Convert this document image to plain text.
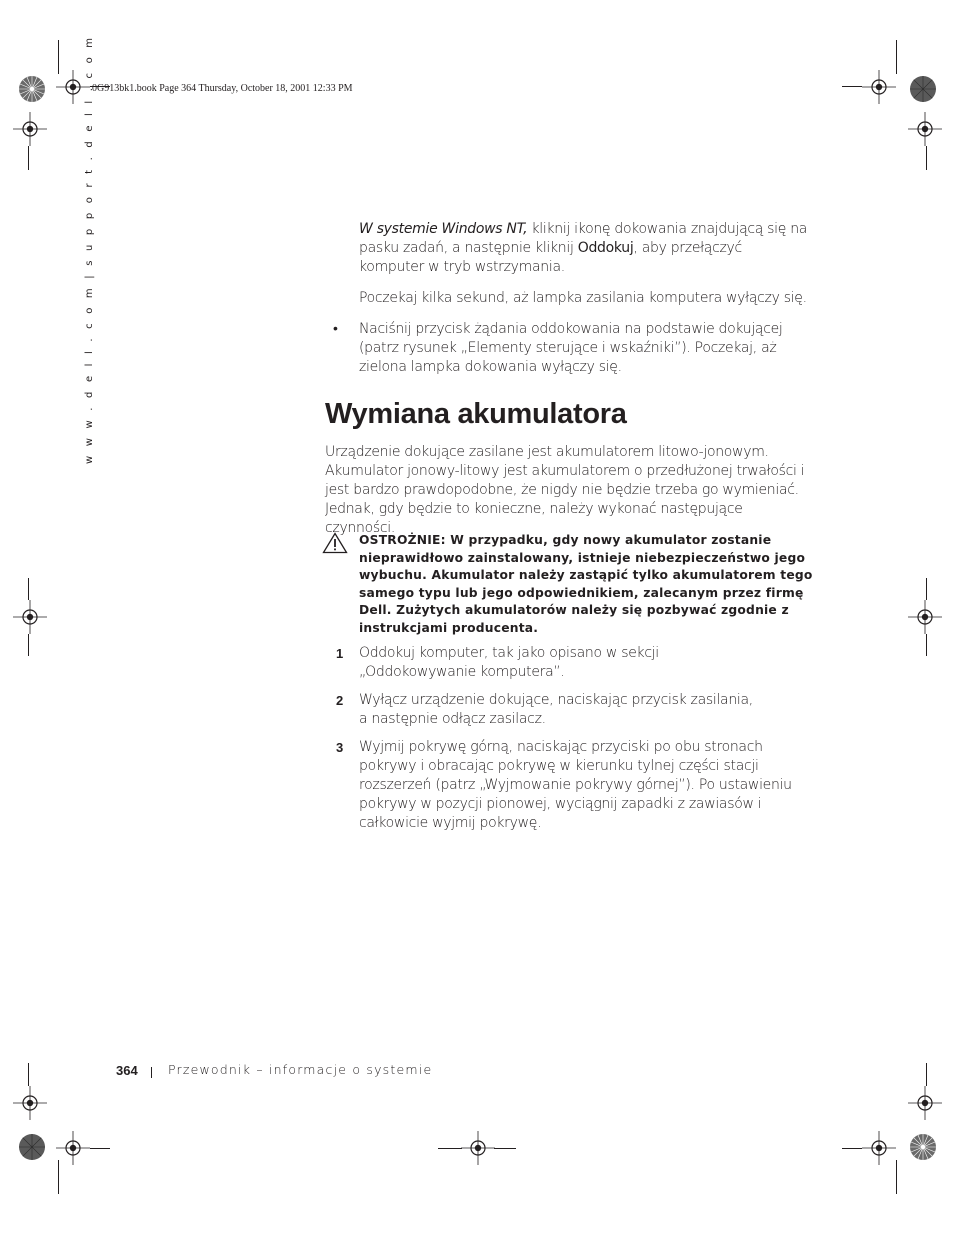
0G913bk1.book Page 364 Thursday, October 18, 2001 12:33 PM
w w w . d e l l . c o m | s u p p o r t . d e l l . c o m	W systemie Windows NT, kliknij ikonę dokowania znajdującą się na pasku zadań, a następnie kliknij Oddokuj, aby przełączyć komputer w tryb wstrzymania.
Poczekaj kilka sekund, aż lampka zasilania komputera wyłączy się.
• Naciśnij przycisk żądania oddokowania na podstawie dokującej (patrz rysunek „Elementy sterujące i wskaźniki”). Poczekaj, aż zielona lampka dokowania wyłączy się.
Wymiana akumulatora
Urządzenie dokujące zasilane jest akumulatorem litowo-jonowym. Akumulator jonowy-litowy jest akumulatorem o przedłużonej trwałości i jest bardzo prawdopodobne, że nigdy nie będzie trzeba go wymieniać. Jednak, gdy będzie to konieczne, należy wykonać następujące czynności.
OSTROŻNIE: W przypadku, gdy nowy akumulator zostanie nieprawidłowo zainstalowany, istnieje niebezpieczeństwo jego wybuchu. Akumulator należy zastąpić tylko akumulatorem tego samego typu lub jego odpowiednikiem, zalecanym przez firmę Dell. Zużytych akumulatorów należy się pozbywać zgodnie z instrukcjami producenta.
1 Oddokuj komputer, tak jako opisano w sekcji „Oddokowywanie komputera”.
2 Wyłącz urządzenie dokujące, naciskając przycisk zasilania, a następnie odłącz zasilacz.
3 Wyjmij pokrywę górną, naciskając przyciski po obu stronach pokrywy i obracając pokrywę w kierunku tylnej części stacji rozszerzeń (patrz „Wyjmowanie pokrywy górnej”). Po ustawieniu pokrywy w pozycji pionowej, wyciągnij zapadki z zawiasów i całkowicie wyjmij pokrywę.
364 Przewodnik – informacje o systemie
